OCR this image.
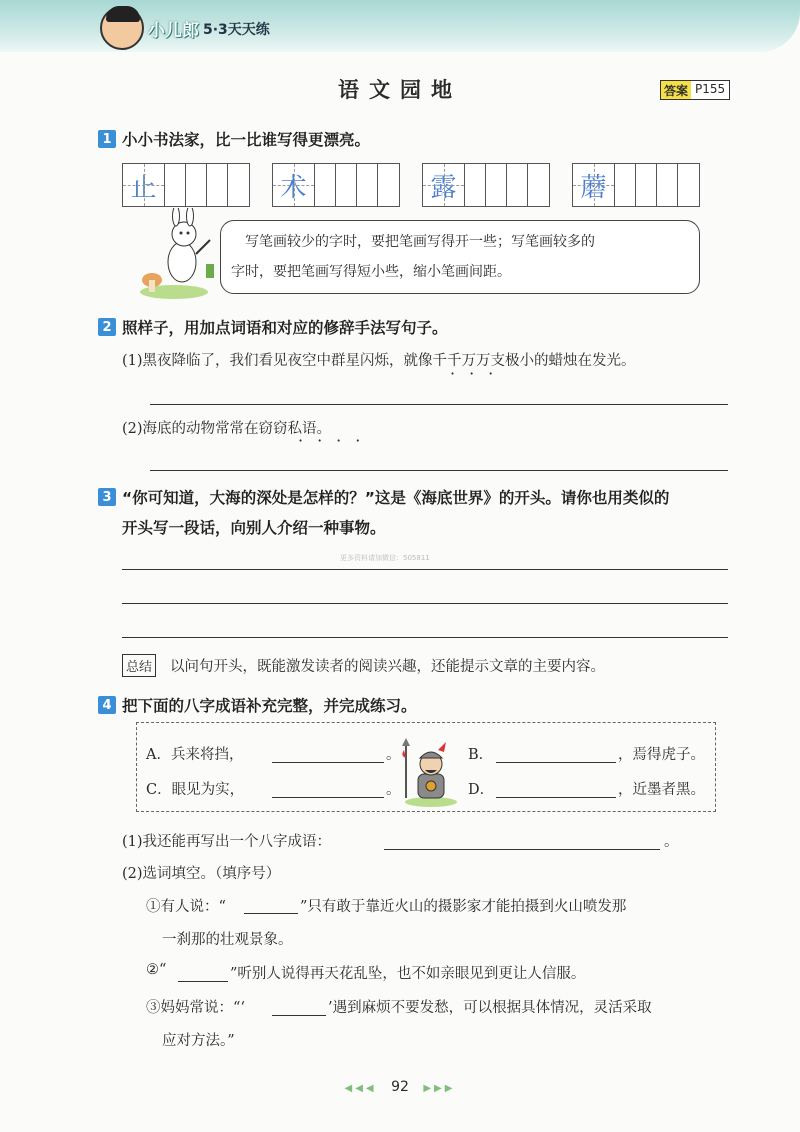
小儿郎 5·3天天练
语文园地	答案 P155
1 小小书法家，比一比谁写得更漂亮。
止	术	露	蘑
写笔画较少的字时，要把笔画写得开一些；写笔画较多的
字时，要把笔画写得短小些，缩小笔画间距。
2 照样子，用加点词语和对应的修辞手法写句子。
(1)黑夜降临了，我们看见夜空中群星闪烁，就像千千万万支极小的蜡烛在发光。
···
(2)海底的动物常常在窃窃私语。
····
3 “你可知道，大海的深处是怎样的？”这是《海底世界》的开头。请你也用类似的
开头写一段话，向别人介绍一种事物。
更多资料请加微信：505811
总结 以问句开头，既能激发读者的阅读兴趣，还能提示文章的主要内容。
4 把下面的八字成语补充完整，并完成练习。
A．兵来将挡，	。	B．	，焉得虎子。
C．眼见为实，	。	D．	，近墨者黑。
(1)我还能再写出一个八字成语：	。
(2)选词填空。（填序号）
①有人说：“	”只有敢于靠近火山的摄影家才能拍摄到火山喷发那
一刹那的壮观景象。
②“	”听别人说得再天花乱坠，也不如亲眼见到更让人信服。
③妈妈常说：“‘	’遇到麻烦不要发愁，可以根据具体情况，灵活采取
应对方法。”
◀◀◀ 92 ▶▶▶
